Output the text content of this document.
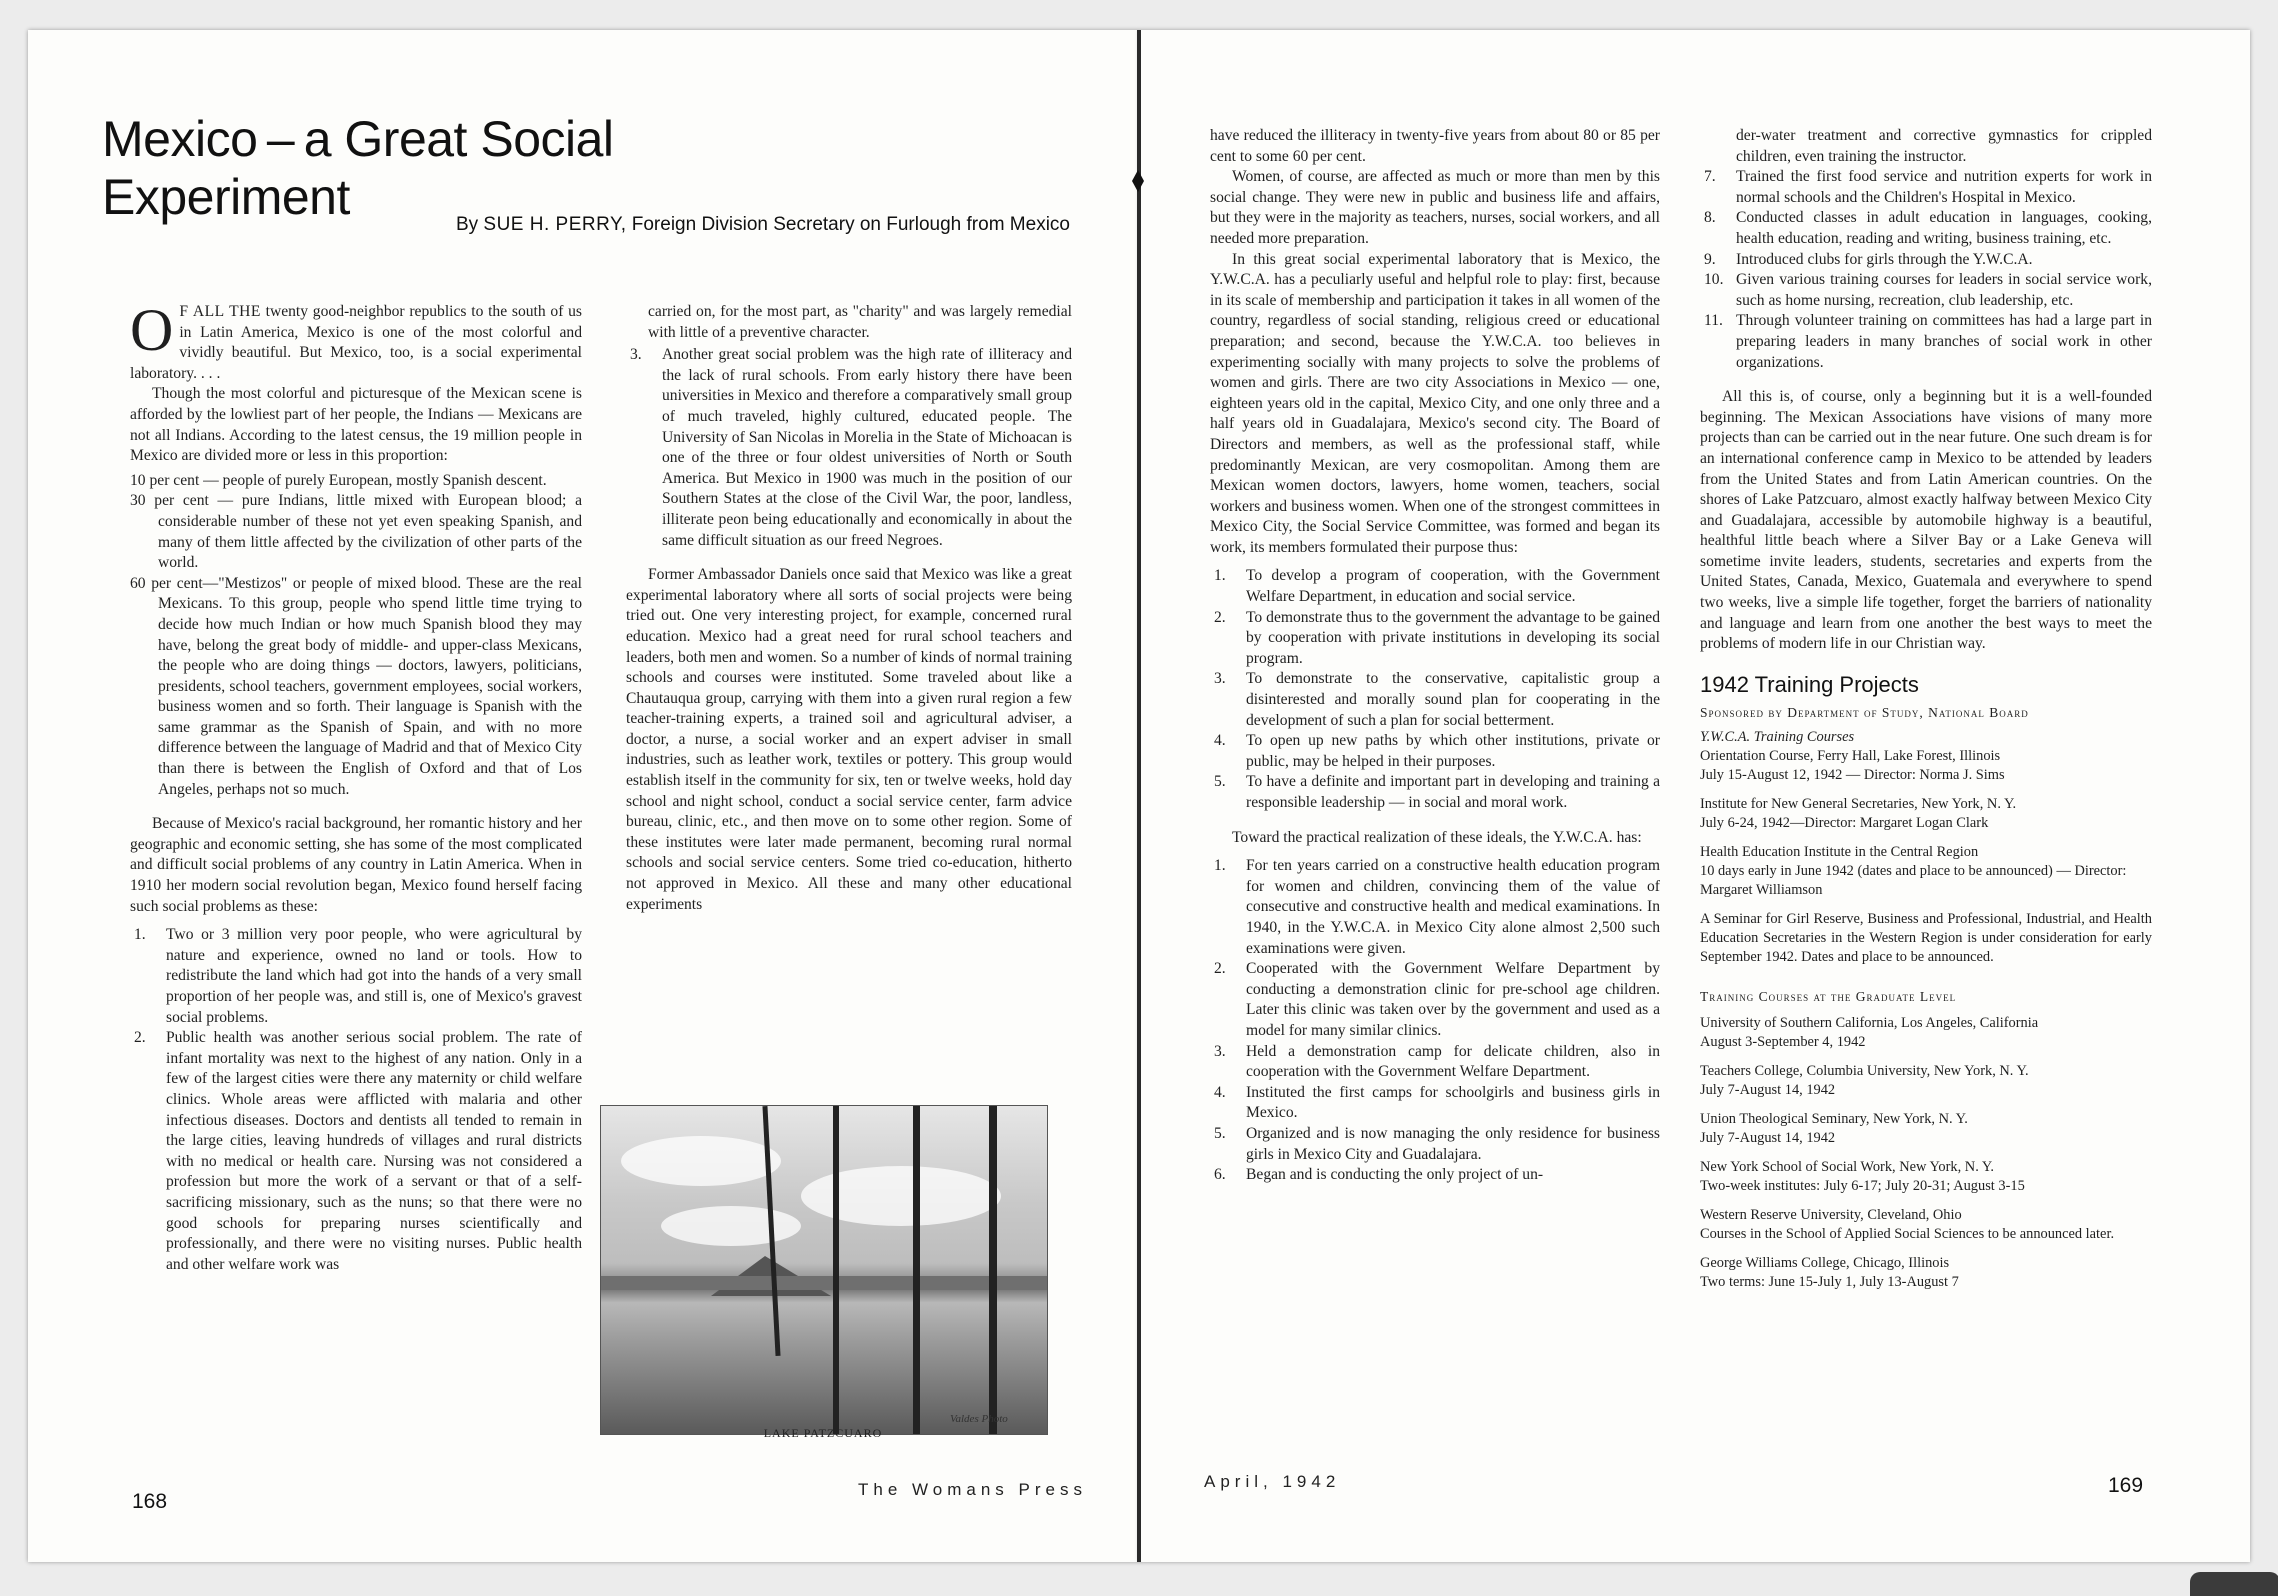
Mexico – a Great Social Experiment	By SUE H. PERRY, Foreign Division Secretary on Furlough from Mexico

O F ALL THE twenty good-neighbor republics to the south of us in Latin America, Mexico is one of the most colorful and vividly beautiful. But Mexico, too, is a social experimental laboratory. . . .

Though the most colorful and picturesque of the Mexican scene is afforded by the lowliest part of her people, the Indians — Mexicans are not all Indians. According to the latest census, the 19 million people in Mexico are divided more or less in this proportion:

10 per cent — people of purely European, mostly Spanish descent.
30 per cent — pure Indians, little mixed with European blood; a considerable number of these not yet even speaking Spanish, and many of them little affected by the civilization of other parts of the world.
60 per cent—"Mestizos" or people of mixed blood. These are the real Mexicans. To this group, people who spend little time trying to decide how much Indian or how much Spanish blood they may have, belong the great body of middle- and upper-class Mexicans, the people who are doing things — doctors, lawyers, politicians, presidents, school teachers, government employees, social workers, business women and so forth. Their language is Spanish with the same grammar as the Spanish of Spain, and with no more difference between the language of Madrid and that of Mexico City than there is between the English of Oxford and that of Los Angeles, perhaps not so much.

Because of Mexico's racial background, her romantic history and her geographic and economic setting, she has some of the most complicated and difficult social problems of any country in Latin America. When in 1910 her modern social revolution began, Mexico found herself facing such social problems as these:

1. Two or 3 million very poor people, who were agricultural by nature and experience, owned no land or tools. How to redistribute the land which had got into the hands of a very small proportion of her people was, and still is, one of Mexico's gravest social problems.
2. Public health was another serious social problem. The rate of infant mortality was next to the highest of any nation. Only in a few of the largest cities were there any maternity or child welfare clinics. Whole areas were afflicted with malaria and other infectious diseases. Doctors and dentists all tended to remain in the large cities, leaving hundreds of villages and rural districts with no medical or health care. Nursing was not considered a profession but more the work of a servant or that of a self-sacrificing missionary, such as the nuns; so that there were no good schools for preparing nurses scientifically and professionally, and there were no visiting nurses. Public health and other welfare work was

carried on, for the most part, as "charity" and was largely remedial with little of a preventive character.

3. Another great social problem was the high rate of illiteracy and the lack of rural schools. From early history there have been universities in Mexico and therefore a comparatively small group of much traveled, highly cultured, educated people. The University of San Nicolas in Morelia in the State of Michoacan is one of the three or four oldest universities of North or South America. But Mexico in 1900 was much in the position of our Southern States at the close of the Civil War, the poor, landless, illiterate peon being educationally and economically in about the same difficult situation as our freed Negroes.

Former Ambassador Daniels once said that Mexico was like a great experimental laboratory where all sorts of social projects were being tried out. One very interesting project, for example, concerned rural education. Mexico had a great need for rural school teachers and leaders, both men and women. So a number of kinds of normal training schools and courses were instituted. Some traveled about like a Chautauqua group, carrying with them into a given rural region a few teacher-training experts, a trained soil and agricultural adviser, a doctor, a nurse, a social worker and an expert adviser in small industries, such as leather work, textiles or pottery. This group would establish itself in the community for six, ten or twelve weeks, hold day school and night school, conduct a social service center, farm advice bureau, clinic, etc., and then move on to some other region. Some of these institutes were later made permanent, becoming rural normal schools and social service centers. Some tried co-education, hitherto not approved in Mexico. All these and many other educational experiments

Valdes Photo
LAKE PATZCUARO
168
The Womans Press

have reduced the illiteracy in twenty-five years from about 80 or 85 per cent to some 60 per cent.

Women, of course, are affected as much or more than men by this social change. They were new in public and business life and affairs, but they were in the majority as teachers, nurses, social workers, and all needed more preparation.

In this great social experimental laboratory that is Mexico, the Y.W.C.A. has a peculiarly useful and helpful role to play: first, because in its scale of membership and participation it takes in all women of the country, regardless of social standing, religious creed or educational preparation; and second, because the Y.W.C.A. too believes in experimenting socially with many projects to solve the problems of women and girls. There are two city Associations in Mexico — one, eighteen years old in the capital, Mexico City, and one only three and a half years old in Guadalajara, Mexico's second city. The Board of Directors and members, as well as the professional staff, while predominantly Mexican, are very cosmopolitan. Among them are Mexican women doctors, lawyers, home women, teachers, social workers and business women. When one of the strongest committees in Mexico City, the Social Service Committee, was formed and began its work, its members formulated their purpose thus:

1. To develop a program of cooperation, with the Government Welfare Department, in education and social service.
2. To demonstrate thus to the government the advantage to be gained by cooperation with private institutions in developing its social program.
3. To demonstrate to the conservative, capitalistic group a disinterested and morally sound plan for cooperating in the development of such a plan for social betterment.
4. To open up new paths by which other institutions, private or public, may be helped in their purposes.
5. To have a definite and important part in developing and training a responsible leadership — in social and moral work.

Toward the practical realization of these ideals, the Y.W.C.A. has:

1. For ten years carried on a constructive health education program for women and children, convincing them of the value of consecutive and constructive health and medical examinations. In 1940, in the Y.W.C.A. in Mexico City alone almost 2,500 such examinations were given.
2. Cooperated with the Government Welfare Department by conducting a demonstration clinic for pre-school age children. Later this clinic was taken over by the government and used as a model for many similar clinics.
3. Held a demonstration camp for delicate children, also in cooperation with the Government Welfare Department.
4. Instituted the first camps for schoolgirls and business girls in Mexico.
5. Organized and is now managing the only residence for business girls in Mexico City and Guadalajara.
6. Began and is conducting the only project of un-

der-water treatment and corrective gymnastics for crippled children, even training the instructor.

7. Trained the first food service and nutrition experts for work in normal schools and the Children's Hospital in Mexico.
8. Conducted classes in adult education in languages, cooking, health education, reading and writing, business training, etc.
9. Introduced clubs for girls through the Y.W.C.A.
10. Given various training courses for leaders in social service work, such as home nursing, recreation, club leadership, etc.
11. Through volunteer training on committees has had a large part in preparing leaders in many branches of social work in other organizations.

All this is, of course, only a beginning but it is a well-founded beginning. The Mexican Associations have visions of many more projects than can be carried out in the near future. One such dream is for an international conference camp in Mexico to be attended by leaders from the United States and from Latin American countries. On the shores of Lake Patzcuaro, almost exactly halfway between Mexico City and Guadalajara, accessible by automobile highway is a beautiful, healthful little beach where a Silver Bay or a Lake Geneva will sometime invite leaders, students, secretaries and experts from the United States, Canada, Mexico, Guatemala and everywhere to spend two weeks, live a simple life together, forget the barriers of nationality and language and learn from one another the best ways to meet the problems of modern life in our Christian way.

1942 Training Projects
Sponsored by Department of Study, National Board
Y.W.C.A. Training Courses
Orientation Course, Ferry Hall, Lake Forest, Illinois
July 15-August 12, 1942 — Director: Norma J. Sims
Institute for New General Secretaries, New York, N. Y.
July 6-24, 1942—Director: Margaret Logan Clark
Health Education Institute in the Central Region
10 days early in June 1942 (dates and place to be announced) — Director: Margaret Williamson
A Seminar for Girl Reserve, Business and Professional, Industrial, and Health Education Secretaries in the Western Region is under consideration for early September 1942. Dates and place to be announced.
Training Courses at the Graduate Level
University of Southern California, Los Angeles, California
August 3-September 4, 1942
Teachers College, Columbia University, New York, N. Y.
July 7-August 14, 1942
Union Theological Seminary, New York, N. Y.
July 7-August 14, 1942
New York School of Social Work, New York, N. Y.
Two-week institutes: July 6-17; July 20-31; August 3-15
Western Reserve University, Cleveland, Ohio
Courses in the School of Applied Social Sciences to be announced later.
George Williams College, Chicago, Illinois
Two terms: June 15-July 1, July 13-August 7
April, 1942	169
